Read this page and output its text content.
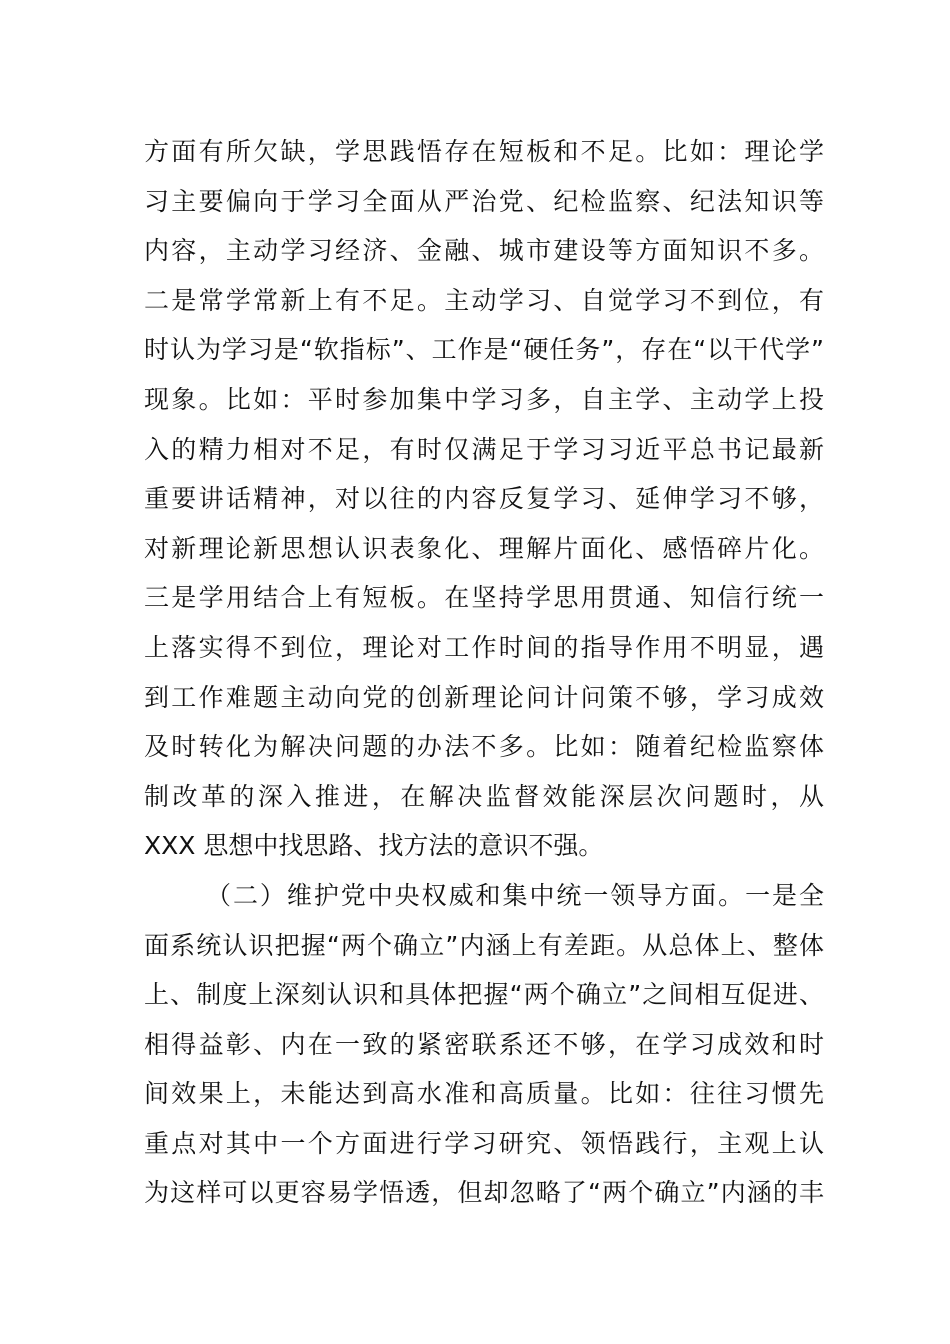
方面有所欠缺，学思践悟存在短板和不足。比如：理论学
习主要偏向于学习全面从严治党、纪检监察、纪法知识等
内容，主动学习经济、金融、城市建设等方面知识不多。
二是常学常新上有不足。主动学习、自觉学习不到位，有
时认为学习是“软指标”、工作是“硬任务”，存在“以干代学”
现象。比如：平时参加集中学习多，自主学、主动学上投
入的精力相对不足，有时仅满足于学习习近平总书记最新
重要讲话精神，对以往的内容反复学习、延伸学习不够，
对新理论新思想认识表象化、理解片面化、感悟碎片化。
三是学用结合上有短板。在坚持学思用贯通、知信行统一
上落实得不到位，理论对工作时间的指导作用不明显，遇
到工作难题主动向党的创新理论问计问策不够，学习成效
及时转化为解决问题的办法不多。比如：随着纪检监察体
制改革的深入推进，在解决监督效能深层次问题时，从
XXX 思想中找思路、找方法的意识不强。
（二）维护党中央权威和集中统一领导方面。一是全
面系统认识把握“两个确立”内涵上有差距。从总体上、整体
上、制度上深刻认识和具体把握“两个确立”之间相互促进、
相得益彰、内在一致的紧密联系还不够，在学习成效和时
间效果上，未能达到高水准和高质量。比如：往往习惯先
重点对其中一个方面进行学习研究、领悟践行，主观上认
为这样可以更容易学悟透，但却忽略了“两个确立”内涵的丰
